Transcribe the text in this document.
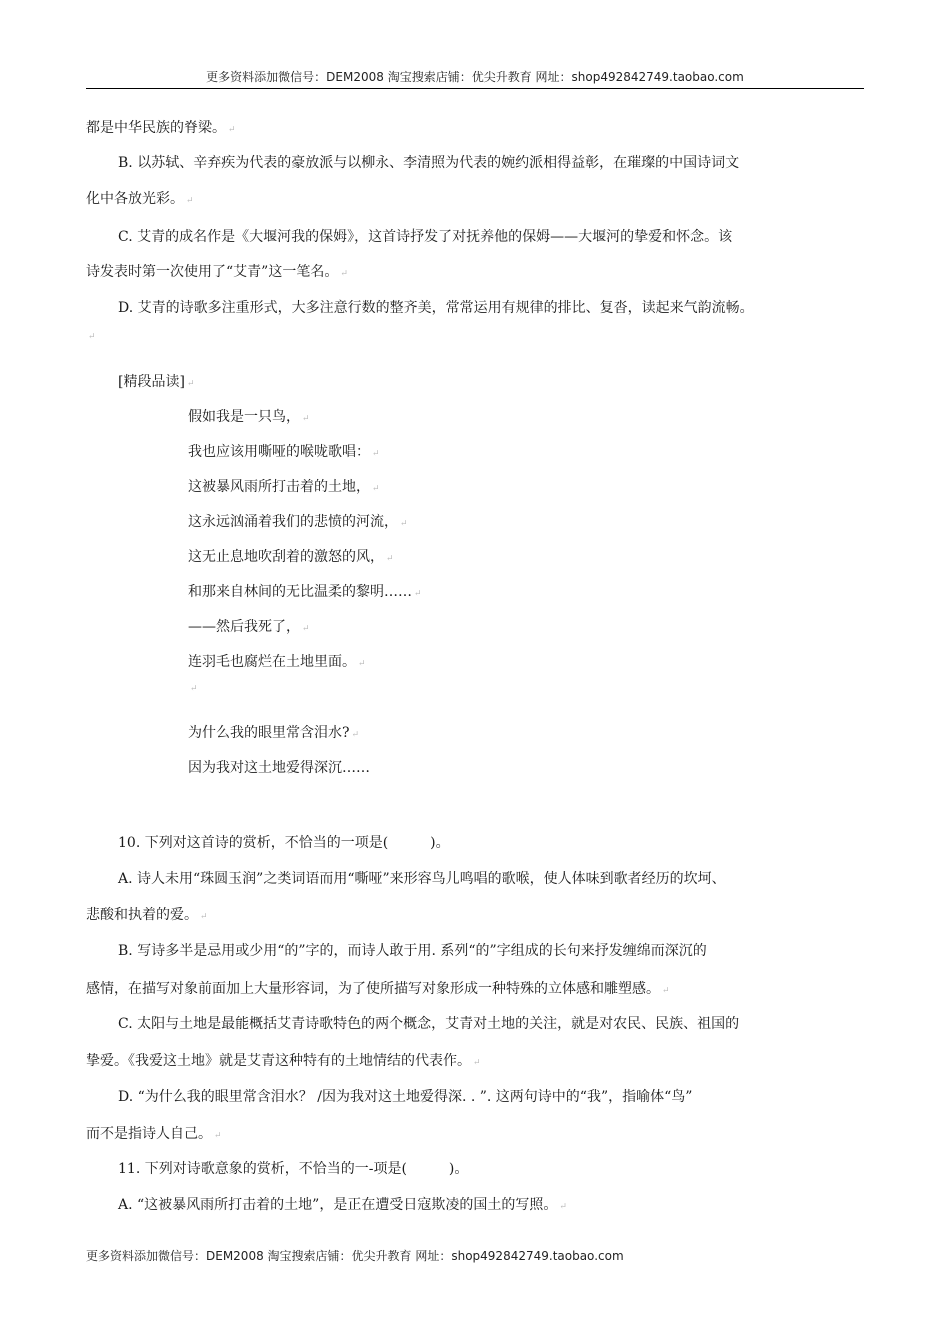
更多资料添加微信号：DEM2008 淘宝搜索店铺：优尖升教育 网址：shop492842749.taobao.com
都是中华民族的脊梁。 ↵
B. 以苏轼、辛弃疾为代表的豪放派与以柳永、李清照为代表的婉约派相得益彰，在璀璨的中国诗词文
化中各放光彩。 ↵
C. 艾青的成名作是《大堰河我的保姆》，这首诗抒发了对抚养他的保姆——大堰河的挚爱和怀念。该
诗发表时第一次使用了“艾青”这一笔名。 ↵
D. 艾青的诗歌多注重形式，大多注意行数的整齐美，常常运用有规律的排比、复沓，读起来气韵流畅。
↵
[精段品读] ↵
假如我是一只鸟， ↵
我也应该用嘶哑的喉咙歌唱： ↵
这被暴风雨所打击着的土地， ↵
这永远汹涌着我们的悲愤的河流， ↵
这无止息地吹刮着的激怒的风， ↵
和那来自林间的无比温柔的黎明…… ↵
——然后我死了， ↵
连羽毛也腐烂在土地里面。 ↵
↵
为什么我的眼里常含泪水? ↵
因为我对这土地爱得深沉……
10. 下列对这首诗的赏析，不恰当的一项是(　　　)。
A. 诗人未用“珠圆玉润”之类词语而用“嘶哑”来形容鸟儿鸣唱的歌喉，使人体味到歌者经历的坎坷、
悲酸和执着的爱。 ↵
B. 写诗多半是忌用或少用“的”字的，而诗人敢于用. 系列“的”字组成的长句来抒发缠绵而深沉的
感情，在描写对象前面加上大量形容词，为了使所描写对象形成一种特殊的立体感和雕塑感。 ↵
C. 太阳与土地是最能概括艾青诗歌特色的两个概念，艾青对土地的关注，就是对农民、民族、祖国的
挚爱。《我爱这土地》就是艾青这种特有的土地情结的代表作。 ↵
D. “为什么我的眼里常含泪水？ /因为我对这土地爱得深. . ”. 这两句诗中的“我”，指喻体“鸟”
而不是指诗人自己。 ↵
11. 下列对诗歌意象的赏析，不恰当的一-项是(　　　)。
A. “这被暴风雨所打击着的土地”，是正在遭受日寇欺凌的国土的写照。 ↵
更多资料添加微信号：DEM2008 淘宝搜索店铺：优尖升教育 网址：shop492842749.taobao.com
